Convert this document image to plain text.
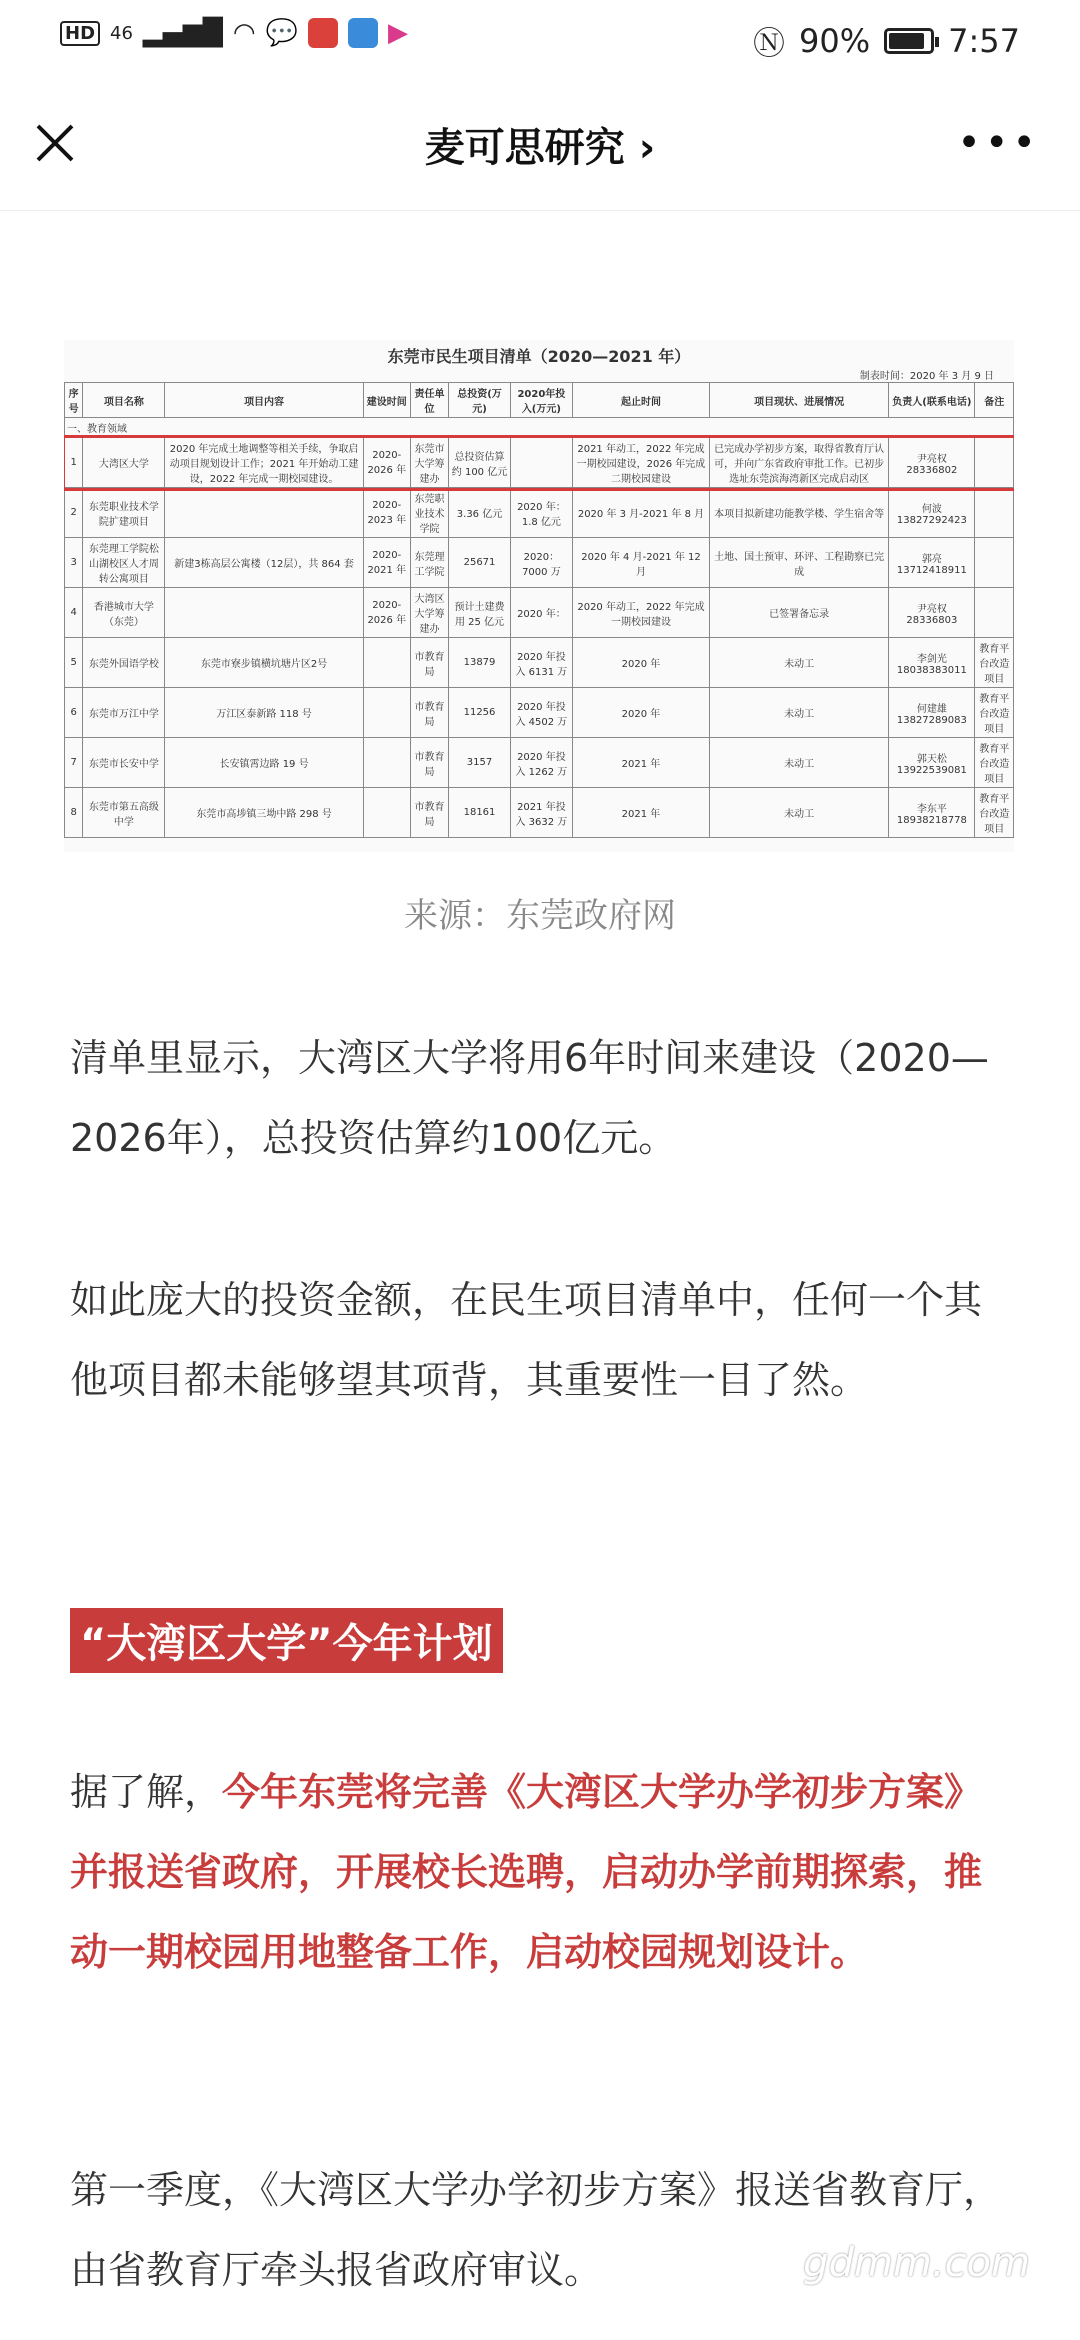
HD 46 ▂▄▆█ ◠ 💬	▶	Ⓝ 90% 7:57
麦可思研究 ›	•••
东莞市民生项目清单（2020—2021 年）
制表时间：2020 年 3 月 9 日
序号	项目名称	项目内容	建设时间	责任单位	总投资(万元)	2020年投入(万元)	起止时间	项目现状、进展情况	负责人(联系电话)	备注
一、教育领域										
1	大湾区大学	2020 年完成土地调整等相关手续，争取启动项目规划设计工作；2021 年开始动工建设，2022 年完成一期校园建设。	2020-2026 年	东莞市大学筹建办	总投资估算约 100 亿元		2021 年动工，2022 年完成一期校园建设，2026 年完成二期校园建设	已完成办学初步方案，取得省教育厅认可，并向广东省政府审批工作。已初步选址东莞滨海湾新区完成启动区	尹亮权 28336802	
2	东莞职业技术学院扩建项目		2020-2023 年	东莞职业技术学院	3.36 亿元	2020 年：1.8 亿元	2020 年 3 月-2021 年 8 月	本项目拟新建功能教学楼、学生宿舍等	何波 13827292423	
3	东莞理工学院松山湖校区人才周转公寓项目	新建3栋高层公寓楼（12层），共 864 套	2020-2021 年	东莞理工学院	25671	2020：7000 万	2020 年 4 月-2021 年 12 月	土地、国土预审、环评、工程勘察已完成	郭亮 13712418911	
4	香港城市大学（东莞）		2020-2026 年	大湾区大学筹建办	预计土建费用 25 亿元	2020 年：	2020 年动工，2022 年完成一期校园建设	已签署备忘录	尹亮权 28336803	
5	东莞外国语学校	东莞市寮步镇横坑塘片区2号		市教育局	13879	2020 年投入 6131 万	2020 年	未动工	李剑光 18038383011	教育平台改造项目
6	东莞市万江中学	万江区泰新路 118 号		市教育局	11256	2020 年投入 4502 万	2020 年	未动工	何建雄 13827289083	教育平台改造项目
7	东莞市长安中学	长安镇霄边路 19 号		市教育局	3157	2020 年投入 1262 万	2021 年	未动工	郭天松 13922539081	教育平台改造项目
8	东莞市第五高级中学	东莞市高埗镇三坳中路 298 号		市教育局	18161	2021 年投入 3632 万	2021 年	未动工	李东平 18938218778	教育平台改造项目
来源：东莞政府网
清单里显示，大湾区大学将用6年时间来建设（2020—2026年），总投资估算约100亿元。
如此庞大的投资金额，在民生项目清单中，任何一个其他项目都未能够望其项背，其重要性一目了然。
“大湾区大学”今年计划
据了解，今年东莞将完善《大湾区大学办学初步方案》并报送省政府，开展校长选聘，启动办学前期探索，推动一期校园用地整备工作，启动校园规划设计。
第一季度，《大湾区大学办学初步方案》报送省教育厅，由省教育厅牵头报省政府审议。	gdmm.com
